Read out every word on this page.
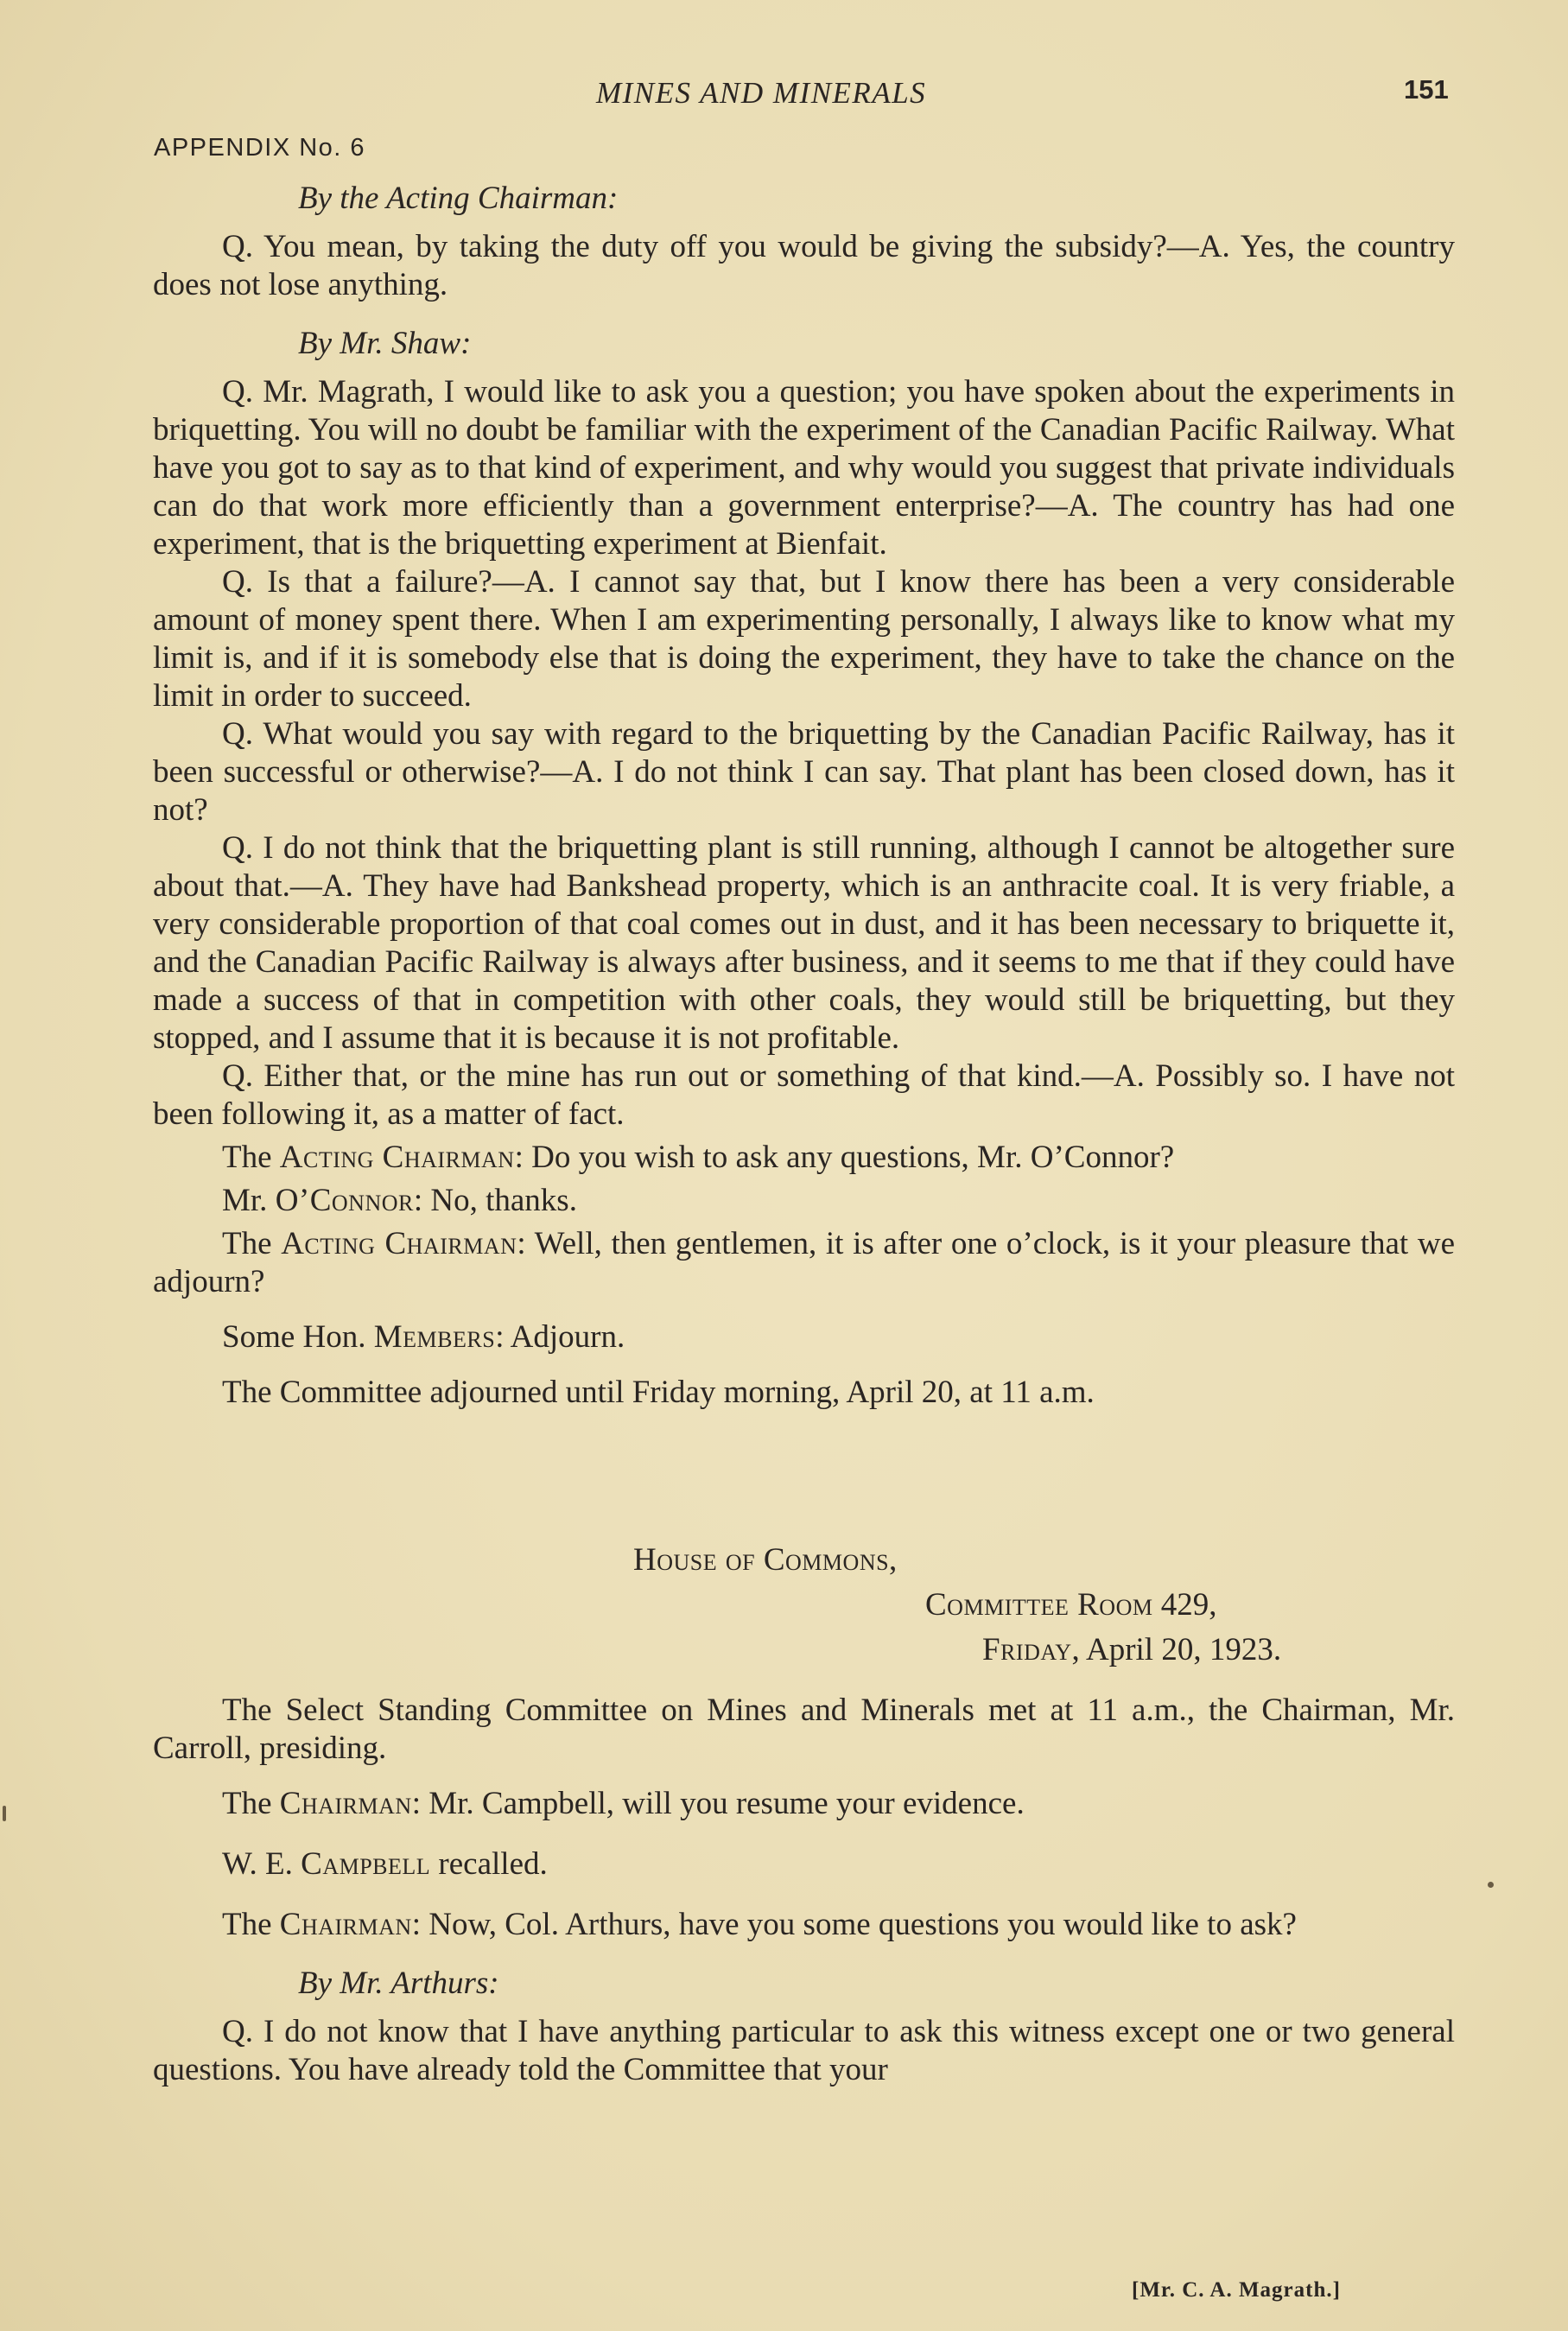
MINES AND MINERALS	151
APPENDIX No. 6
By the Acting Chairman:

Q. You mean, by taking the duty off you would be giving the subsidy?—A. Yes, the country does not lose anything.

By Mr. Shaw:

Q. Mr. Magrath, I would like to ask you a question; you have spoken about the experiments in briquetting. You will no doubt be familiar with the experiment of the Canadian Pacific Railway. What have you got to say as to that kind of experiment, and why would you suggest that private individuals can do that work more efficiently than a government enterprise?—A. The country has had one experiment, that is the briquetting experiment at Bienfait.

Q. Is that a failure?—A. I cannot say that, but I know there has been a very considerable amount of money spent there. When I am experimenting personally, I always like to know what my limit is, and if it is somebody else that is doing the experiment, they have to take the chance on the limit in order to succeed.

Q. What would you say with regard to the briquetting by the Canadian Pacific Railway, has it been successful or otherwise?—A. I do not think I can say. That plant has been closed down, has it not?

Q. I do not think that the briquetting plant is still running, although I cannot be altogether sure about that.—A. They have had Bankshead property, which is an anthracite coal. It is very friable, a very considerable proportion of that coal comes out in dust, and it has been necessary to briquette it, and the Canadian Pacific Railway is always after business, and it seems to me that if they could have made a success of that in competition with other coals, they would still be briquetting, but they stopped, and I assume that it is because it is not profitable.

Q. Either that, or the mine has run out or something of that kind.—A. Possibly so. I have not been following it, as a matter of fact.

The Acting Chairman: Do you wish to ask any questions, Mr. O’Connor?

Mr. O’Connor: No, thanks.

The Acting Chairman: Well, then gentlemen, it is after one o’clock, is it your pleasure that we adjourn?

Some Hon. Members: Adjourn.

The Committee adjourned until Friday morning, April 20, at 11 a.m.

House of Commons,

Committee Room 429,

Friday, April 20, 1923.

The Select Standing Committee on Mines and Minerals met at 11 a.m., the Chairman, Mr. Carroll, presiding.

The Chairman: Mr. Campbell, will you resume your evidence.

W. E. Campbell recalled.

The Chairman: Now, Col. Arthurs, have you some questions you would like to ask?

By Mr. Arthurs:

Q. I do not know that I have anything particular to ask this witness except one or two general questions. You have already told the Committee that your

[Mr. C. A. Magrath.]
